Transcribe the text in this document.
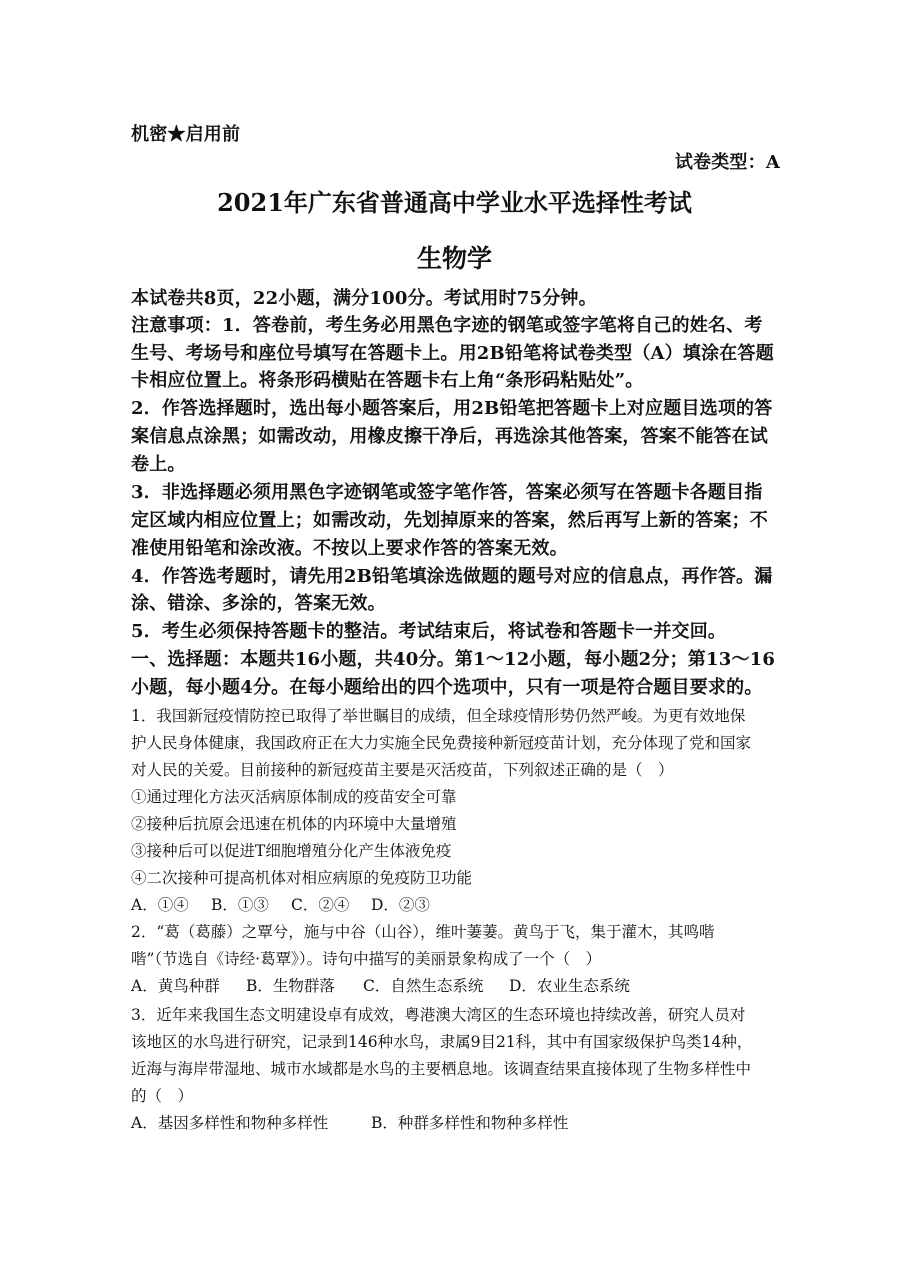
机密★启用前
试卷类型：A
2021年广东省普通高中学业水平选择性考试
生物学
本试卷共8页，22小题，满分100分。考试用时75分钟。
注意事项：1．答卷前，考生务必用黑色字迹的钢笔或签字笔将自己的姓名、考
生号、考场号和座位号填写在答题卡上。用2B铅笔将试卷类型（A）填涂在答题
卡相应位置上。将条形码横贴在答题卡右上角“条形码粘贴处”。
2．作答选择题时，选出每小题答案后，用2B铅笔把答题卡上对应题目选项的答
案信息点涂黑；如需改动，用橡皮擦干净后，再选涂其他答案，答案不能答在试
卷上。
3．非选择题必须用黑色字迹钢笔或签字笔作答，答案必须写在答题卡各题目指
定区域内相应位置上；如需改动，先划掉原来的答案，然后再写上新的答案；不
准使用铅笔和涂改液。不按以上要求作答的答案无效。
4．作答选考题时，请先用2B铅笔填涂选做题的题号对应的信息点，再作答。漏
涂、错涂、多涂的，答案无效。
5．考生必须保持答题卡的整洁。考试结束后，将试卷和答题卡一并交回。
一、选择题：本题共16小题，共40分。第1～12小题，每小题2分；第13～16
小题，每小题4分。在每小题给出的四个选项中，只有一项是符合题目要求的。
1．我国新冠疫情防控已取得了举世瞩目的成绩，但全球疫情形势仍然严峻。为更有效地保
护人民身体健康，我国政府正在大力实施全民免费接种新冠疫苗计划，充分体现了党和国家
对人民的关爱。目前接种的新冠疫苗主要是灭活疫苗，下列叙述正确的是（　）
①通过理化方法灭活病原体制成的疫苗安全可靠
②接种后抗原会迅速在机体的内环境中大量增殖
③接种后可以促进T细胞增殖分化产生体液免疫
④二次接种可提高机体对相应病原的免疫防卫功能
A．①④ B．①③ C．②④ D．②③
2．“葛（葛藤）之覃兮，施与中谷（山谷），维叶萋萋。黄鸟于飞，集于灌木，其鸣喈
喈”（节选自《诗经·葛覃》）。诗句中描写的美丽景象构成了一个（　）
A．黄鸟种群 B．生物群落 C．自然生态系统 D．农业生态系统
3．近年来我国生态文明建设卓有成效，粤港澳大湾区的生态环境也持续改善，研究人员对
该地区的水鸟进行研究，记录到146种水鸟，隶属9目21科，其中有国家级保护鸟类14种，
近海与海岸带湿地、城市水域都是水鸟的主要栖息地。该调查结果直接体现了生物多样性中
的（　）
A．基因多样性和物种多样性	B．种群多样性和物种多样性
